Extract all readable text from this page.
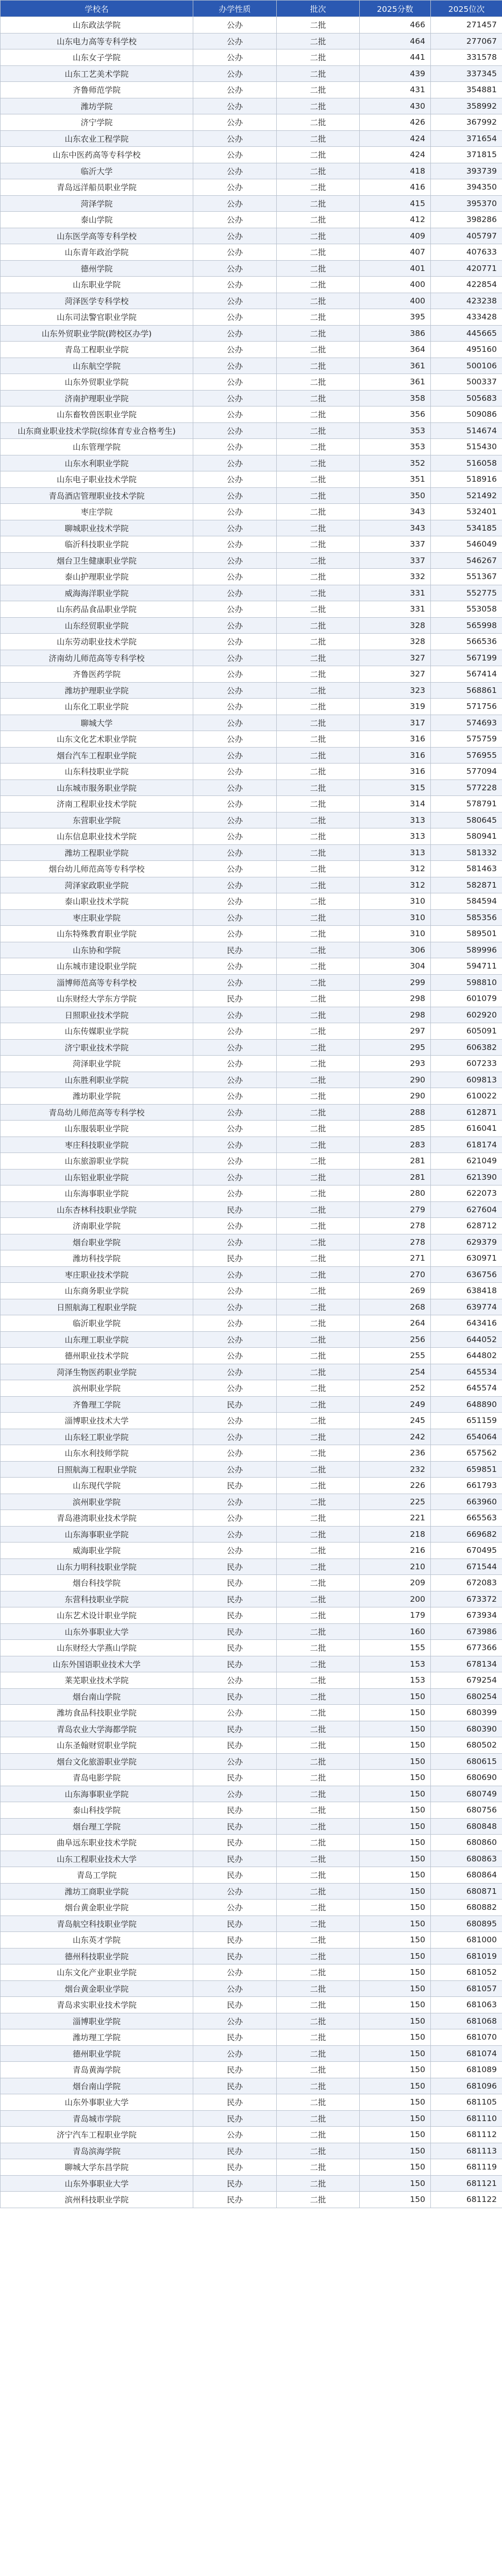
学校名	办学性质	批次	2025分数	2025位次
山东政法学院	公办	二批	466	271457
山东电力高等专科学校	公办	二批	464	277067
山东女子学院	公办	二批	441	331578
山东工艺美术学院	公办	二批	439	337345
齐鲁师范学院	公办	二批	431	354881
潍坊学院	公办	二批	430	358992
济宁学院	公办	二批	426	367992
山东农业工程学院	公办	二批	424	371654
山东中医药高等专科学校	公办	二批	424	371815
临沂大学	公办	二批	418	393739
青岛远洋船员职业学院	公办	二批	416	394350
菏泽学院	公办	二批	415	395370
泰山学院	公办	二批	412	398286
山东医学高等专科学校	公办	二批	409	405797
山东青年政治学院	公办	二批	407	407633
德州学院	公办	二批	401	420771
山东职业学院	公办	二批	400	422854
菏泽医学专科学校	公办	二批	400	423238
山东司法警官职业学院	公办	二批	395	433428
山东外贸职业学院(跨校区办学)	公办	二批	386	445665
青岛工程职业学院	公办	二批	364	495160
山东航空学院	公办	二批	361	500106
山东外贸职业学院	公办	二批	361	500337
济南护理职业学院	公办	二批	358	505683
山东畜牧兽医职业学院	公办	二批	356	509086
山东商业职业技术学院(综体育专业合格考生)	公办	二批	353	514674
山东管理学院	公办	二批	353	515430
山东水利职业学院	公办	二批	352	516058
山东电子职业技术学院	公办	二批	351	518916
青岛酒店管理职业技术学院	公办	二批	350	521492
枣庄学院	公办	二批	343	532401
聊城职业技术学院	公办	二批	343	534185
临沂科技职业学院	公办	二批	337	546049
烟台卫生健康职业学院	公办	二批	337	546267
泰山护理职业学院	公办	二批	332	551367
威海海洋职业学院	公办	二批	331	552775
山东药品食品职业学院	公办	二批	331	553058
山东经贸职业学院	公办	二批	328	565998
山东劳动职业技术学院	公办	二批	328	566536
济南幼儿师范高等专科学校	公办	二批	327	567199
齐鲁医药学院	公办	二批	327	567414
潍坊护理职业学院	公办	二批	323	568861
山东化工职业学院	公办	二批	319	571756
聊城大学	公办	二批	317	574693
山东文化艺术职业学院	公办	二批	316	575759
烟台汽车工程职业学院	公办	二批	316	576955
山东科技职业学院	公办	二批	316	577094
山东城市服务职业学院	公办	二批	315	577228
济南工程职业技术学院	公办	二批	314	578791
东营职业学院	公办	二批	313	580645
山东信息职业技术学院	公办	二批	313	580941
潍坊工程职业学院	公办	二批	313	581332
烟台幼儿师范高等专科学校	公办	二批	312	581463
菏泽家政职业学院	公办	二批	312	582871
泰山职业技术学院	公办	二批	310	584594
枣庄职业学院	公办	二批	310	585356
山东特殊教育职业学院	公办	二批	310	589501
山东协和学院	民办	二批	306	589996
山东城市建设职业学院	公办	二批	304	594711
淄博师范高等专科学校	公办	二批	299	598810
山东财经大学东方学院	民办	二批	298	601079
日照职业技术学院	公办	二批	298	602920
山东传媒职业学院	公办	二批	297	605091
济宁职业技术学院	公办	二批	295	606382
菏泽职业学院	公办	二批	293	607233
山东胜利职业学院	公办	二批	290	609813
潍坊职业学院	公办	二批	290	610022
青岛幼儿师范高等专科学校	公办	二批	288	612871
山东服装职业学院	公办	二批	285	616041
枣庄科技职业学院	公办	二批	283	618174
山东旅游职业学院	公办	二批	281	621049
山东铝业职业学院	公办	二批	281	621390
山东海事职业学院	公办	二批	280	622073
山东杏林科技职业学院	民办	二批	279	627604
济南职业学院	公办	二批	278	628712
烟台职业学院	公办	二批	278	629379
潍坊科技学院	民办	二批	271	630971
枣庄职业技术学院	公办	二批	270	636756
山东商务职业学院	公办	二批	269	638418
日照航海工程职业学院	公办	二批	268	639774
临沂职业学院	公办	二批	264	643416
山东理工职业学院	公办	二批	256	644052
德州职业技术学院	公办	二批	255	644802
菏泽生物医药职业学院	公办	二批	254	645534
滨州职业学院	公办	二批	252	645574
齐鲁理工学院	民办	二批	249	648890
淄博职业技术大学	公办	二批	245	651159
山东轻工职业学院	公办	二批	242	654064
山东水利技师学院	公办	二批	236	657562
日照航海工程职业学院	公办	二批	232	659851
山东现代学院	民办	二批	226	661793
滨州职业学院	公办	二批	225	663960
青岛港湾职业技术学院	公办	二批	221	665563
山东海事职业学院	公办	二批	218	669682
威海职业学院	公办	二批	216	670495
山东力明科技职业学院	民办	二批	210	671544
烟台科技学院	民办	二批	209	672083
东营科技职业学院	民办	二批	200	673372
山东艺术设计职业学院	民办	二批	179	673934
山东外事职业大学	民办	二批	160	673986
山东财经大学燕山学院	民办	二批	155	677366
山东外国语职业技术大学	民办	二批	153	678134
莱芜职业技术学院	公办	二批	153	679254
烟台南山学院	民办	二批	150	680254
潍坊食品科技职业学院	公办	二批	150	680399
青岛农业大学海都学院	民办	二批	150	680390
山东圣翰财贸职业学院	民办	二批	150	680502
烟台文化旅游职业学院	公办	二批	150	680615
青岛电影学院	民办	二批	150	680690
山东海事职业学院	公办	二批	150	680749
泰山科技学院	民办	二批	150	680756
烟台理工学院	民办	二批	150	680848
曲阜远东职业技术学院	民办	二批	150	680860
山东工程职业技术大学	民办	二批	150	680863
青岛工学院	民办	二批	150	680864
潍坊工商职业学院	公办	二批	150	680871
烟台黄金职业学院	公办	二批	150	680882
青岛航空科技职业学院	民办	二批	150	680895
山东英才学院	民办	二批	150	681000
德州科技职业学院	民办	二批	150	681019
山东文化产业职业学院	公办	二批	150	681052
烟台黄金职业学院	公办	二批	150	681057
青岛求实职业技术学院	民办	二批	150	681063
淄博职业学院	公办	二批	150	681068
潍坊理工学院	民办	二批	150	681070
德州职业学院	公办	二批	150	681074
青岛黄海学院	民办	二批	150	681089
烟台南山学院	民办	二批	150	681096
山东外事职业大学	民办	二批	150	681105
青岛城市学院	民办	二批	150	681110
济宁汽车工程职业学院	公办	二批	150	681112
青岛滨海学院	民办	二批	150	681113
聊城大学东昌学院	民办	二批	150	681119
山东外事职业大学	民办	二批	150	681121
滨州科技职业学院	民办	二批	150	681122
